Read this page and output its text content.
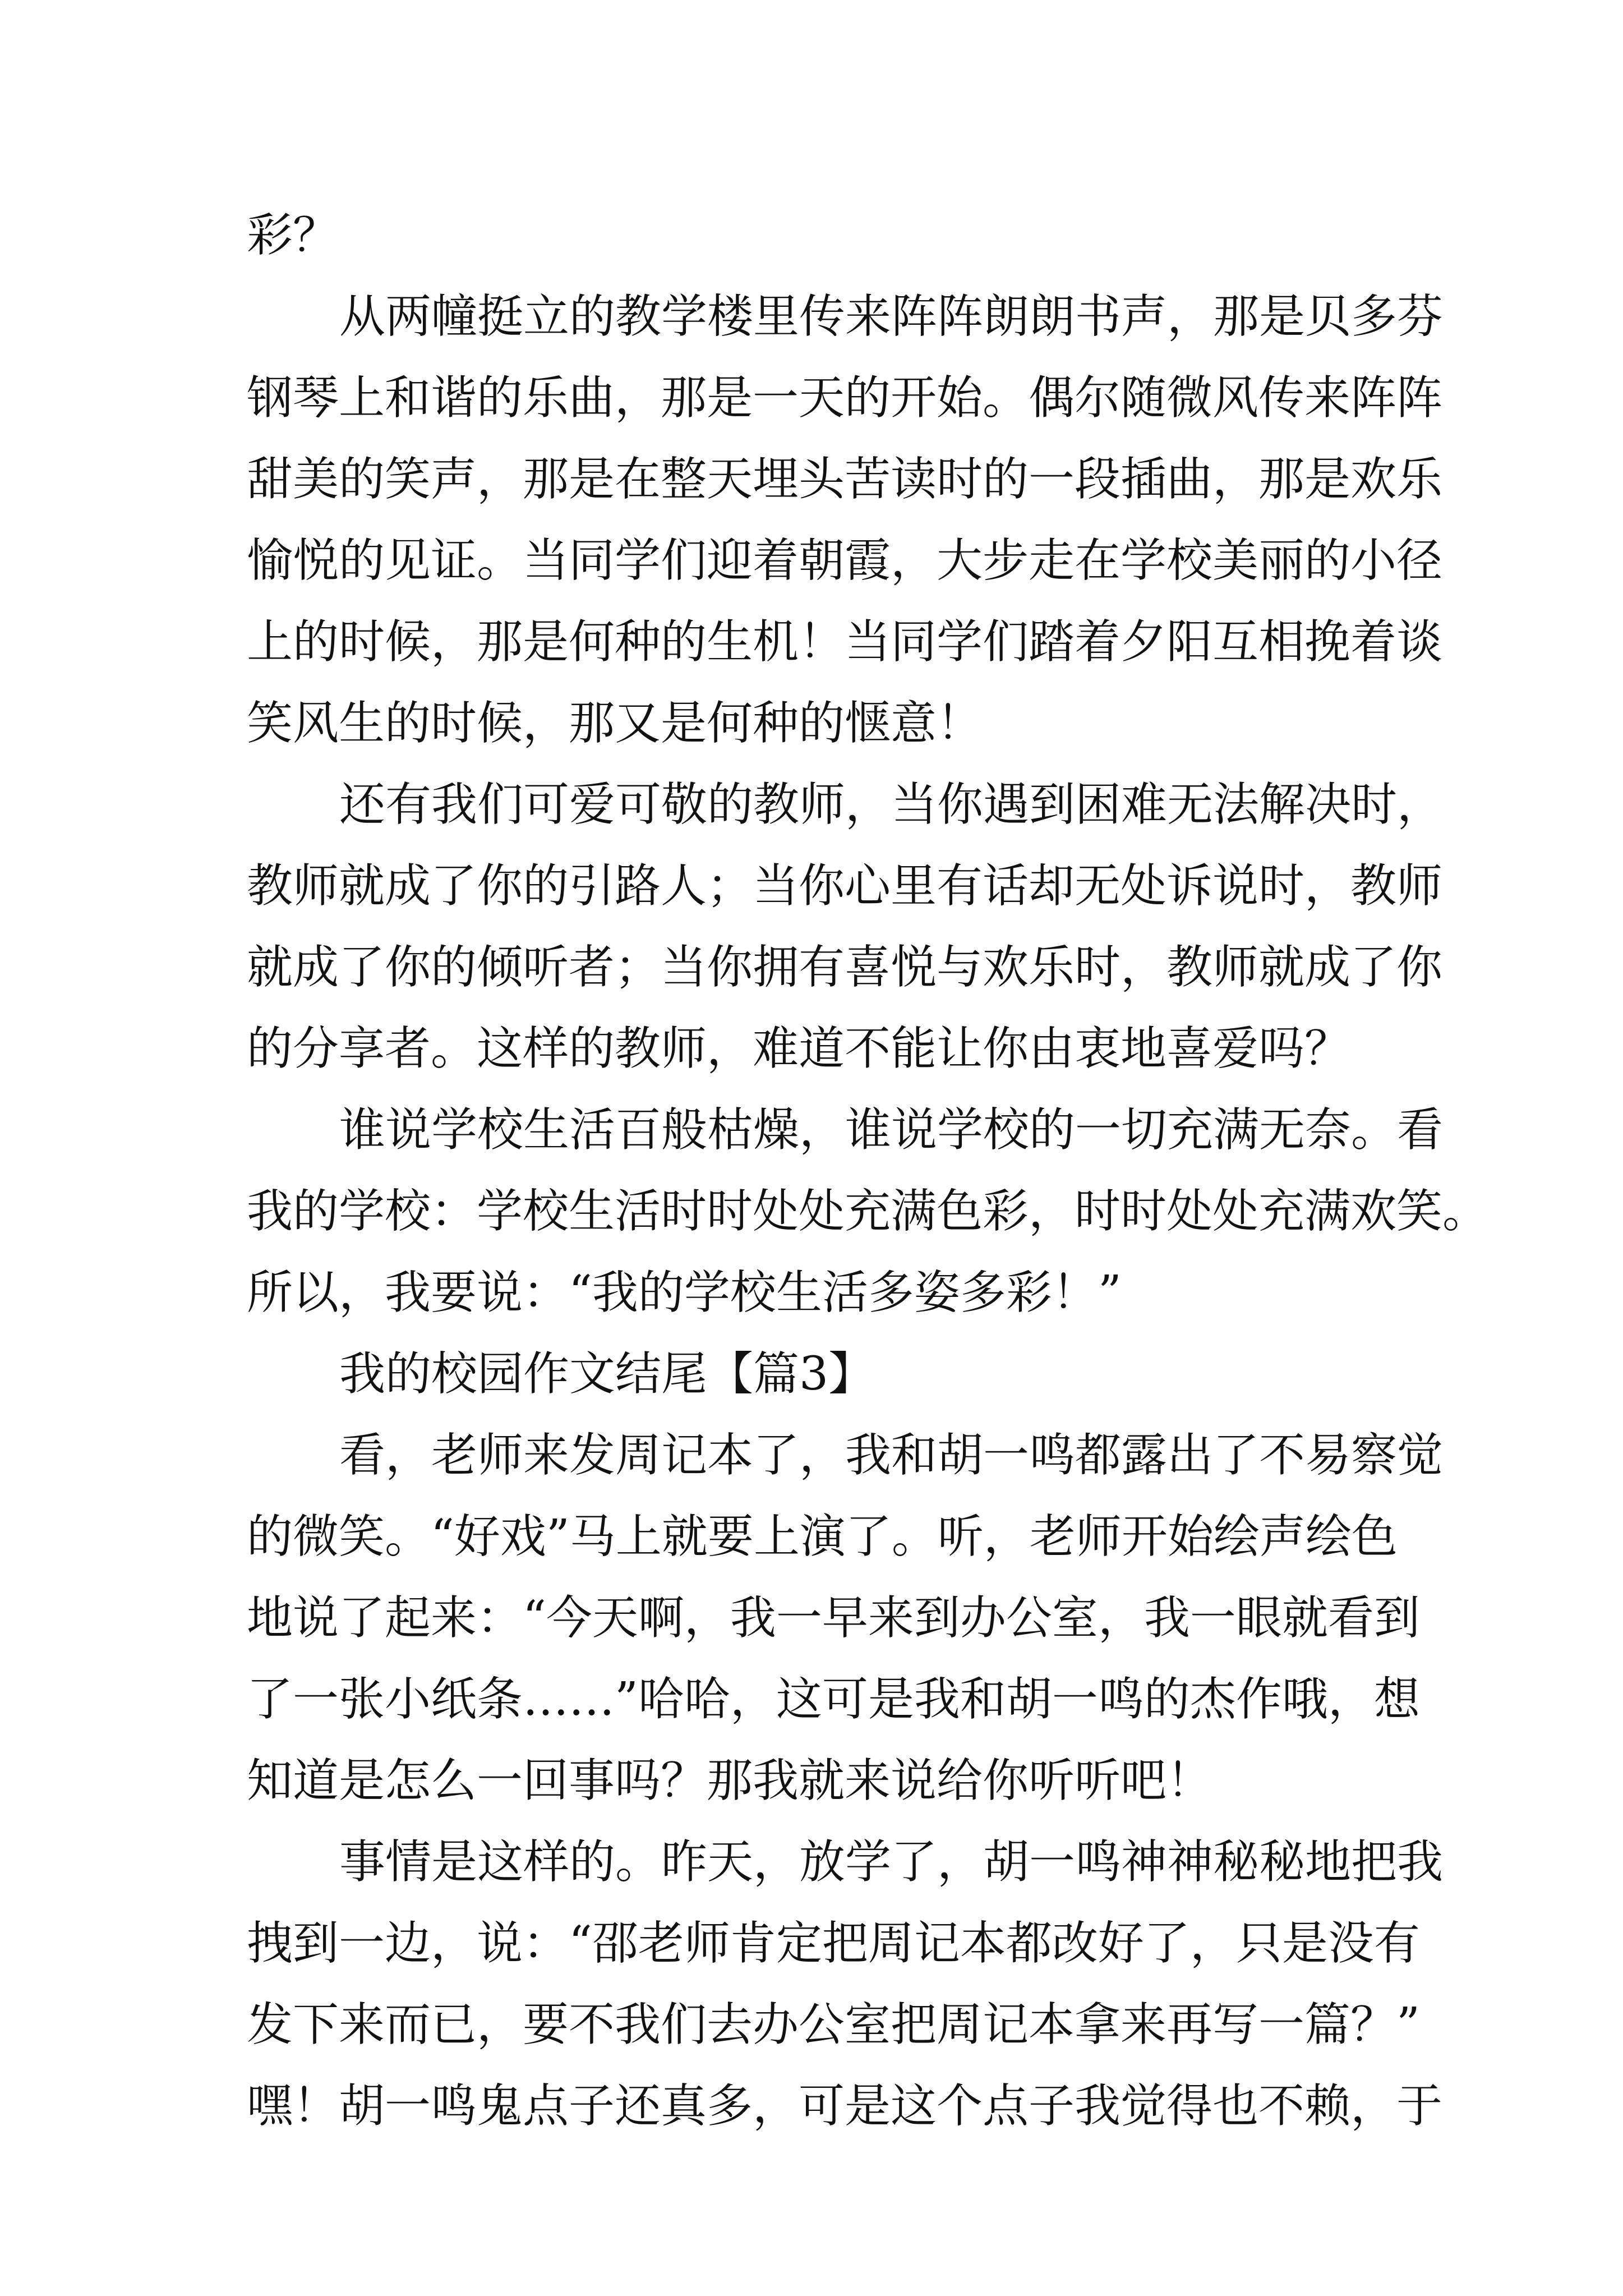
彩？
从两幢挺立的教学楼里传来阵阵朗朗书声，那是贝多芬
钢琴上和谐的乐曲，那是一天的开始。偶尔随微风传来阵阵
甜美的笑声，那是在整天埋头苦读时的一段插曲，那是欢乐
愉悦的见证。当同学们迎着朝霞，大步走在学校美丽的小径
上的时候，那是何种的生机！当同学们踏着夕阳互相挽着谈
笑风生的时候，那又是何种的惬意！
还有我们可爱可敬的教师，当你遇到困难无法解决时，
教师就成了你的引路人；当你心里有话却无处诉说时，教师
就成了你的倾听者；当你拥有喜悦与欢乐时，教师就成了你
的分享者。这样的教师，难道不能让你由衷地喜爱吗？
谁说学校生活百般枯燥，谁说学校的一切充满无奈。看
我的学校：学校生活时时处处充满色彩，时时处处充满欢笑。
所以，我要说：“我的学校生活多姿多彩！”
我的校园作文结尾【篇3】
看，老师来发周记本了，我和胡一鸣都露出了不易察觉
的微笑。“好戏”马上就要上演了。听，老师开始绘声绘色
地说了起来：“今天啊，我一早来到办公室，我一眼就看到
了一张小纸条……”哈哈，这可是我和胡一鸣的杰作哦，想
知道是怎么一回事吗？那我就来说给你听听吧！
事情是这样的。昨天，放学了，胡一鸣神神秘秘地把我
拽到一边，说：“邵老师肯定把周记本都改好了，只是没有
发下来而已，要不我们去办公室把周记本拿来再写一篇？”
嘿！胡一鸣鬼点子还真多，可是这个点子我觉得也不赖，于
